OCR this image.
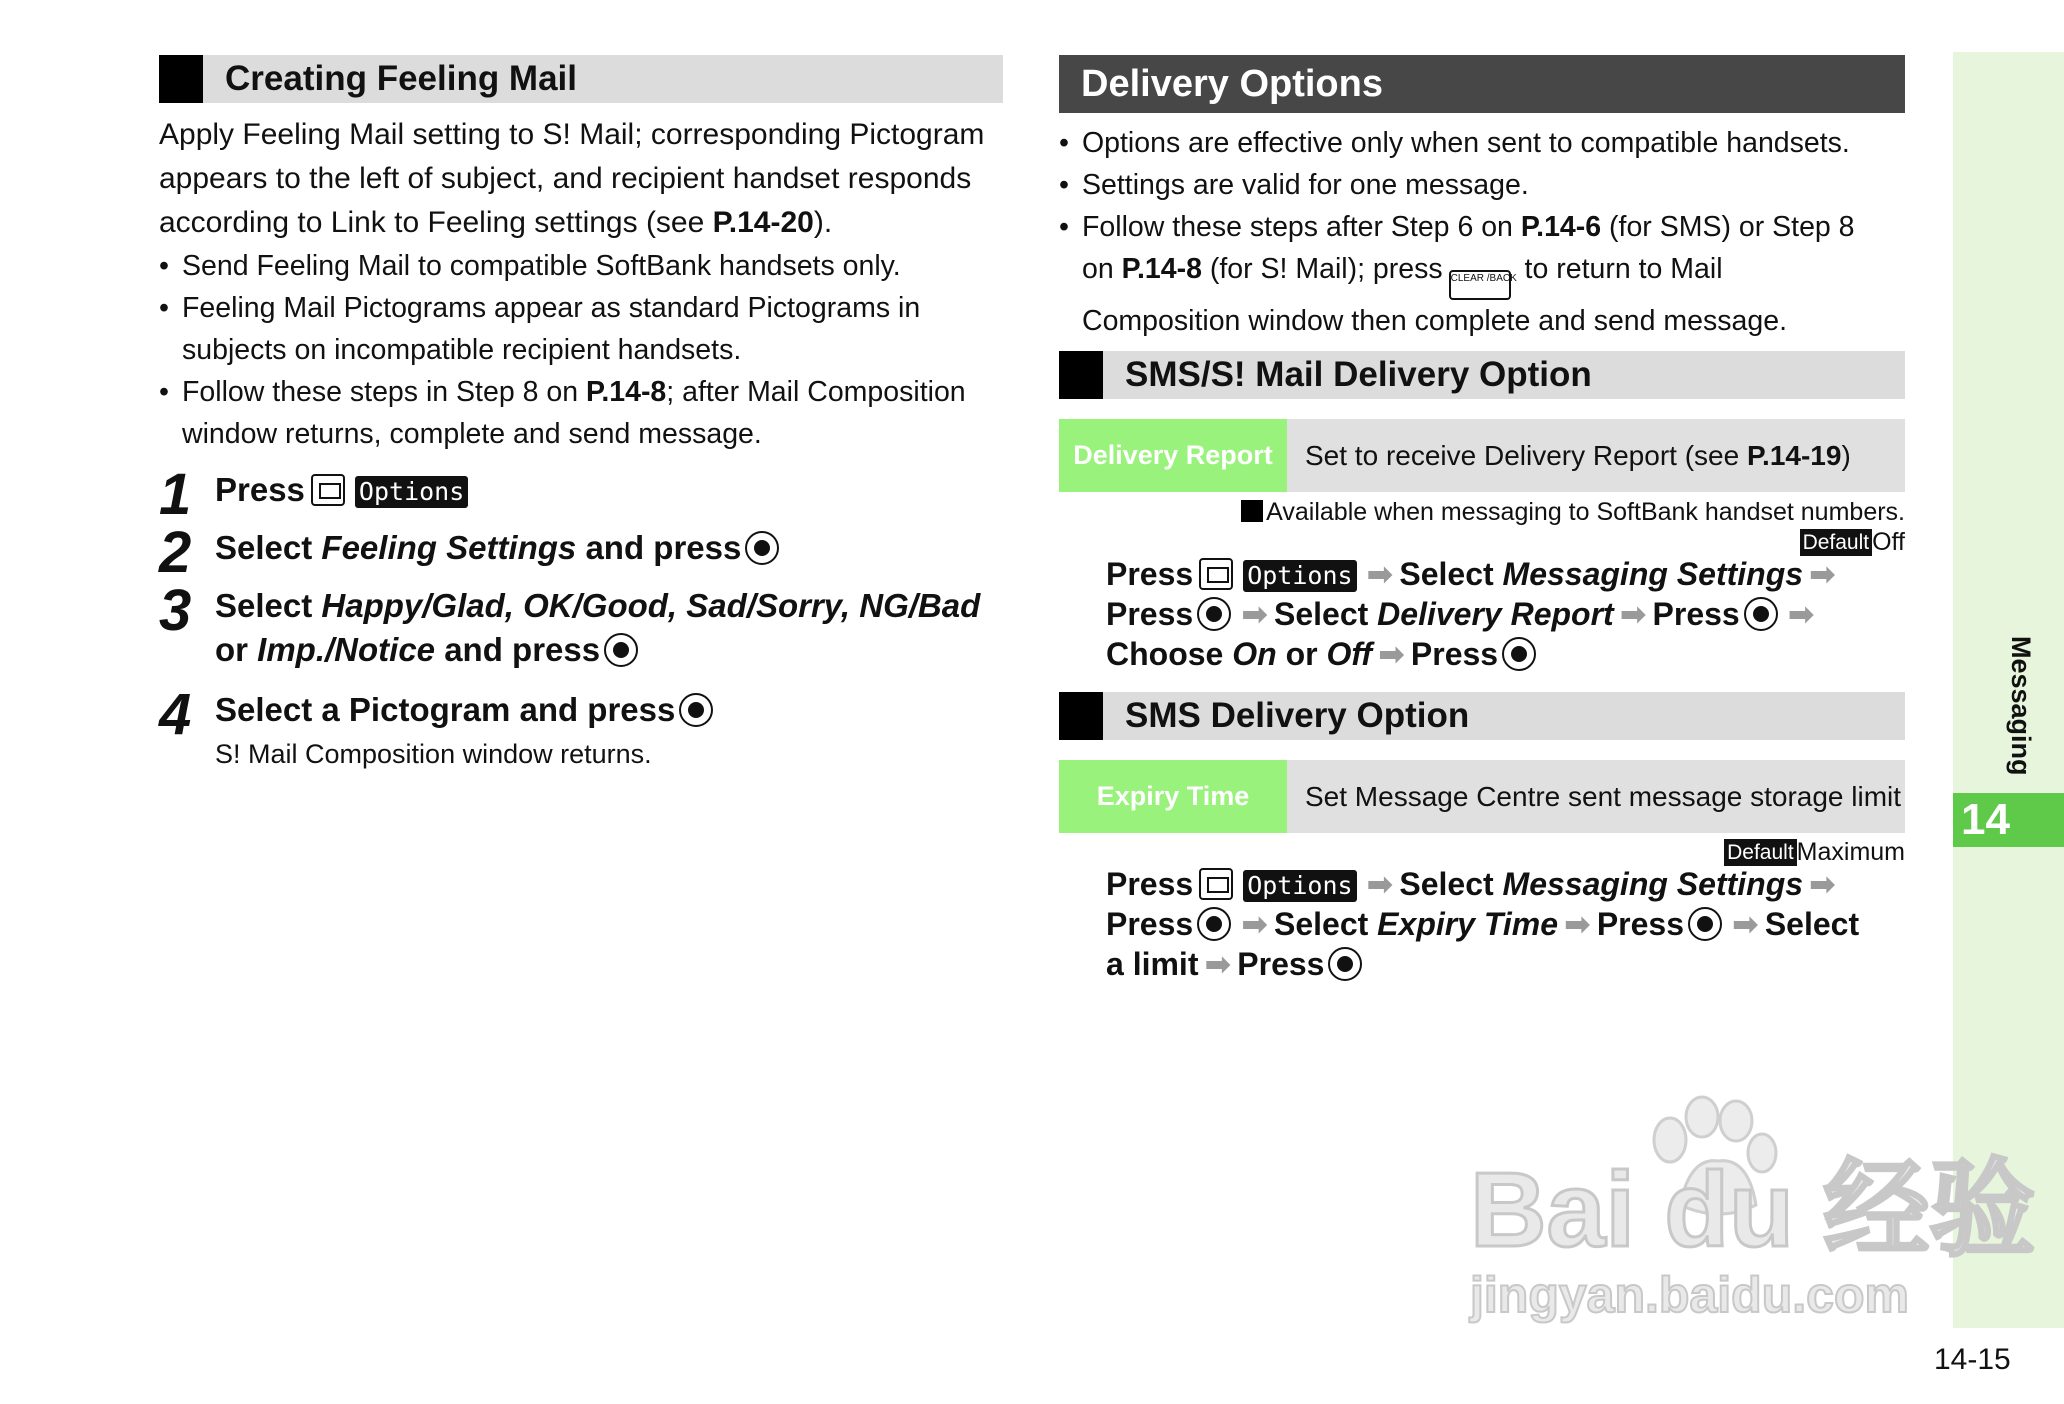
Creating Feeling Mail
Apply Feeling Mail setting to S! Mail; corresponding Pictogram
appears to the left of subject, and recipient handset responds
according to Link to Feeling settings (see P.14-20).
• Send Feeling Mail to compatible SoftBank handsets only.
• Feeling Mail Pictograms appear as standard Pictograms in
subjects on incompatible recipient handsets.
• Follow these steps in Step 8 on P.14-8; after Mail Composition
window returns, complete and send message.
1 Press Options
2 Select Feeling Settings and press
3 Select Happy/Glad, OK/Good, Sad/Sorry, NG/Bad
or Imp./Notice and press
4 Select a Pictogram and press
S! Mail Composition window returns.
Delivery Options
• Options are effective only when sent to compatible handsets.
• Settings are valid for one message.
• Follow these steps after Step 6 on P.14-6 (for SMS) or Step 8
on P.14-8 (for S! Mail); press CLEAR /BACK to return to Mail
Composition window then complete and send message.
SMS/S! Mail Delivery Option
Delivery Report	Set to receive Delivery Report (see P.14-19)
Available when messaging to SoftBank handset numbers.
Default Off
Press Options ➡ Select Messaging Settings ➡
Press ➡ Select Delivery Report ➡ Press ➡
Choose On or Off ➡ Press
SMS Delivery Option
Expiry Time	Set Message Centre sent message storage limit
Default Maximum
Press Options ➡ Select Messaging Settings ➡
Press ➡ Select Expiry Time ➡ Press ➡ Select
a limit ➡ Press
Messaging
14
14-15
Bai du 经验
jingyan.baidu.com
